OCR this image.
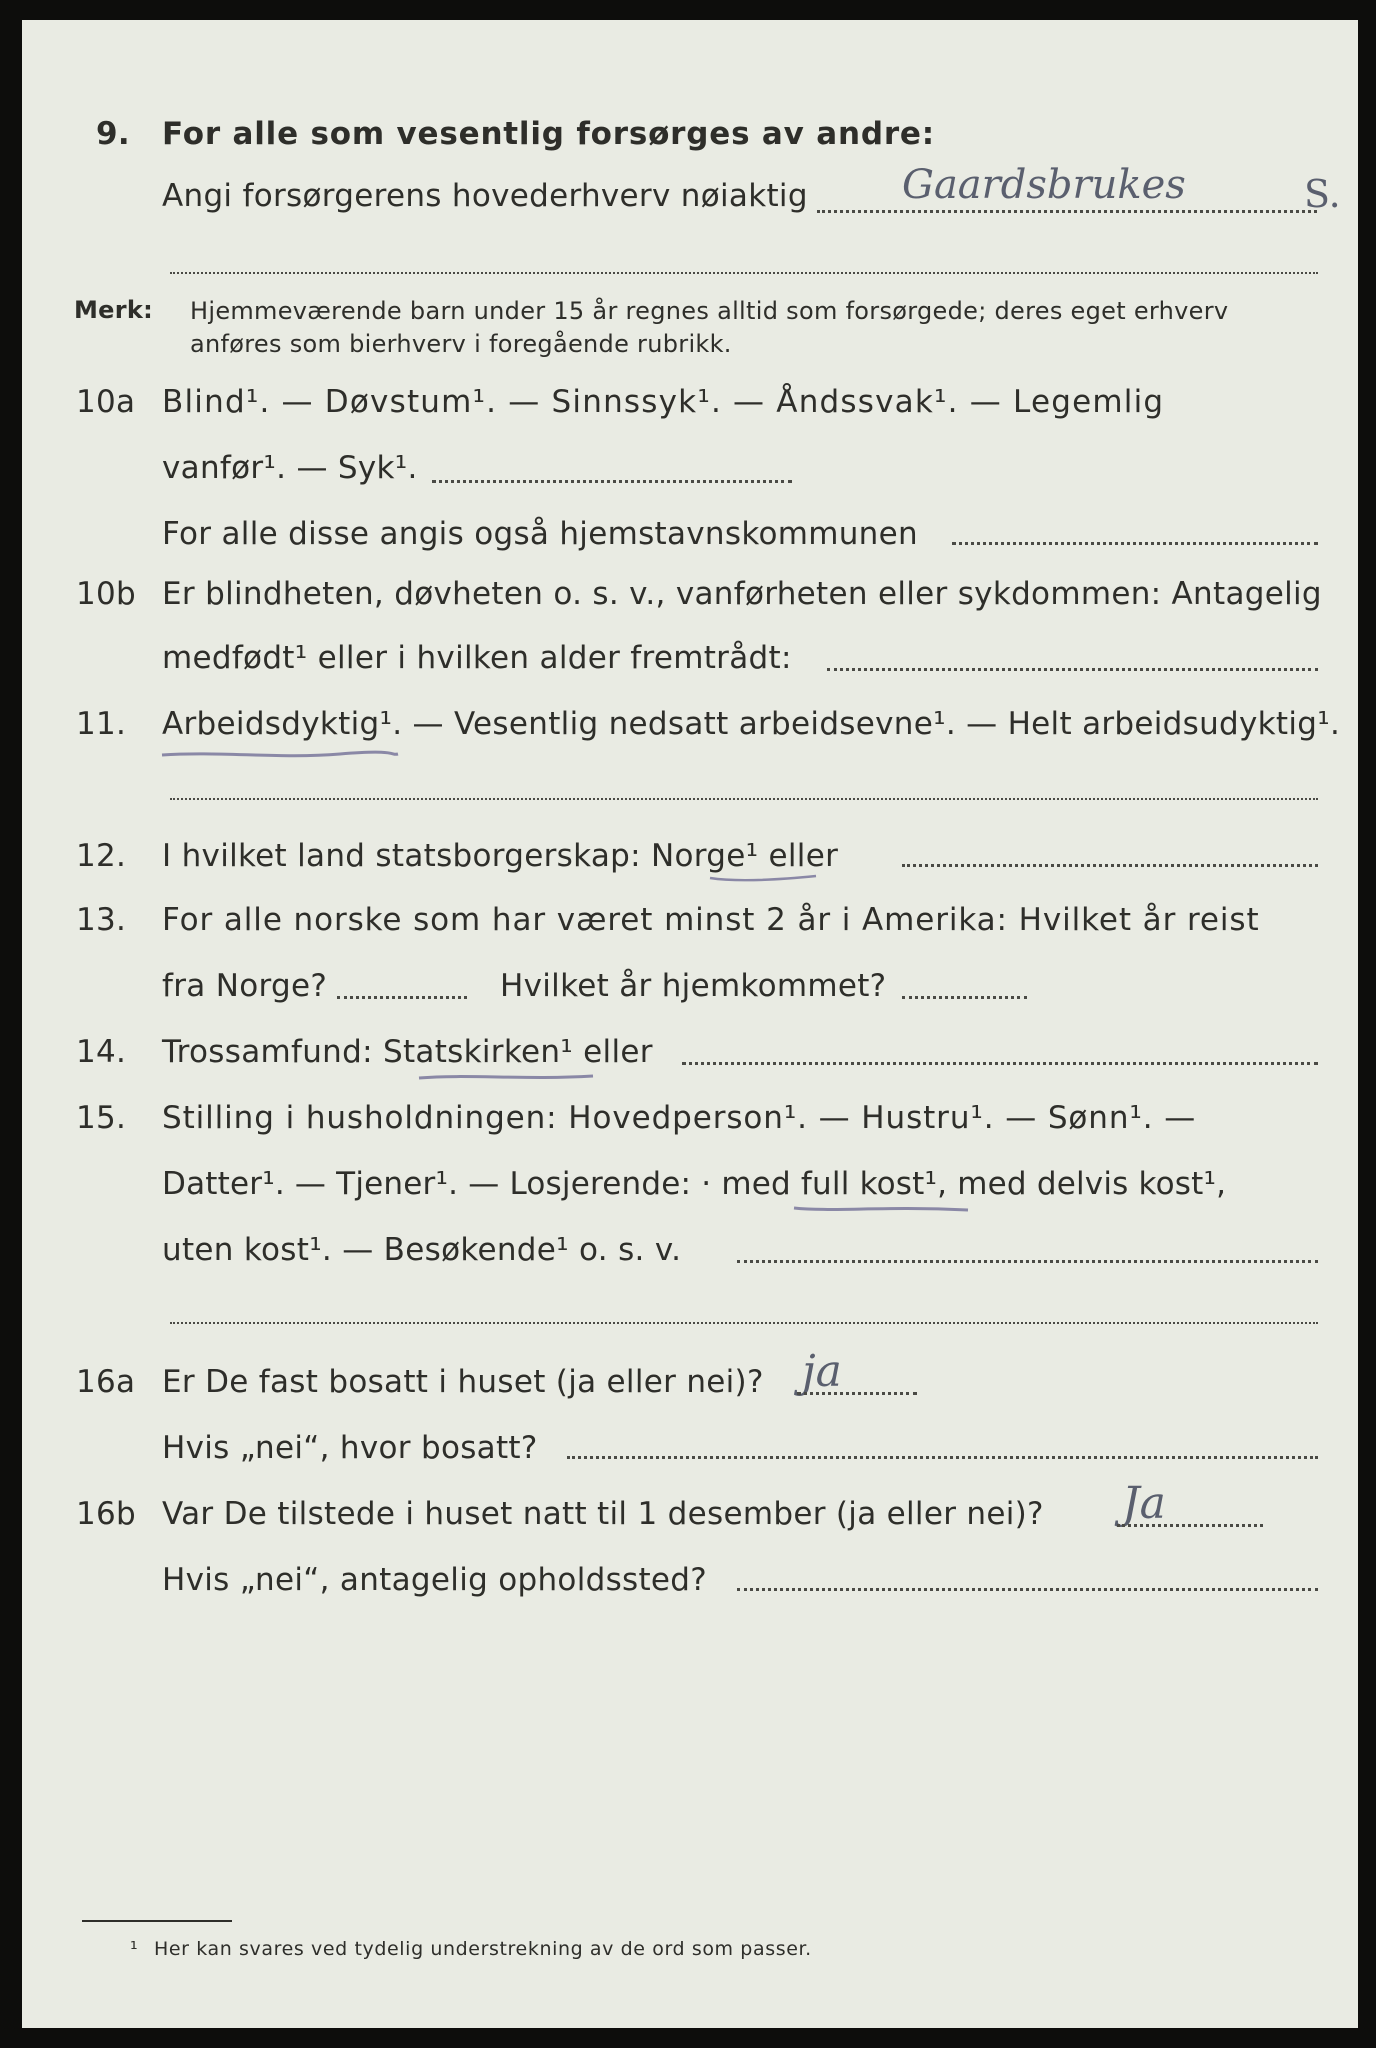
9. For alle som vesentlig forsørges av andre:
Angi forsørgerens hovederhverv nøiaktig Gaardsbrukes	S.
Merk: Hjemmeværende barn under 15 år regnes alltid som forsørgede; deres eget erhverv
anføres som bierhverv i foregående rubrikk.
10a Blind¹. — Døvstum¹. — Sinnssyk¹. — Åndssvak¹. — Legemlig
vanfør¹. — Syk¹.
For alle disse angis også hjemstavnskommunen
10b Er blindheten, døvheten o. s. v., vanførheten eller sykdommen: Antagelig
medfødt¹ eller i hvilken alder fremtrådt:
11. Arbeidsdyktig¹. — Vesentlig nedsatt arbeidsevne¹. — Helt arbeidsudyktig¹.
12. I hvilket land statsborgerskap: Norge¹ eller
13. For alle norske som har været minst 2 år i Amerika: Hvilket år reist
fra Norge?	Hvilket år hjemkommet?
14. Trossamfund: Statskirken¹ eller
15. Stilling i husholdningen: Hovedperson¹. — Hustru¹. — Sønn¹. —
Datter¹. — Tjener¹. — Losjerende: · med full kost¹, med delvis kost¹,
uten kost¹. — Besøkende¹ o. s. v.
16a Er De fast bosatt i huset (ja eller nei)? ja
Hvis „nei“, hvor bosatt?
16b Var De tilstede i huset natt til 1 desember (ja eller nei)? Ja
Hvis „nei“, antagelig opholdssted?
¹ Her kan svares ved tydelig understrekning av de ord som passer.
